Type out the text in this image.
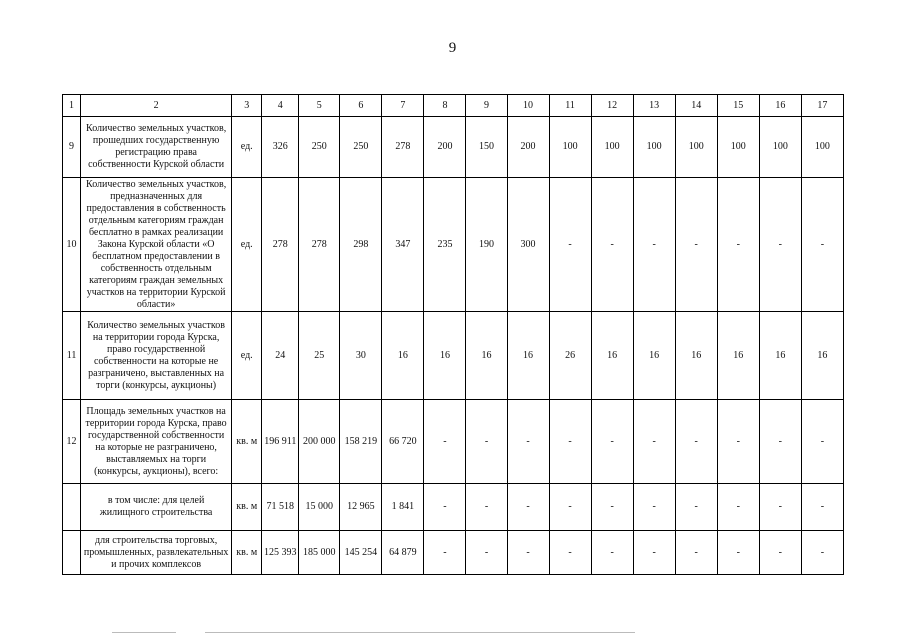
9
1	2	3	4	5	6	7	8	9	10	11	12	13	14	15	16	17
9	Количество земельных участков, прошедших государственную регистрацию права собственности Курской области	ед.	326	250	250	278	200	150	200	100	100	100	100	100	100	100
10	Количество земельных участков, предназначенных для предоставления в собственность отдельным категориям граждан бесплатно в рамках реализации Закона Курской области «О бесплатном предоставлении в собственность отдельным категориям граждан земельных участков на территории Курской области»	ед.	278	278	298	347	235	190	300	-	-	-	-	-	-	-
11	Количество земельных участков на территории города Курска, право государственной собственности на которые не разграничено, выставленных на торги (конкурсы, аукционы)	ед.	24	25	30	16	16	16	16	26	16	16	16	16	16	16
12	Площадь земельных участков на территории города Курска, право государственной собственности на которые не разграничено, выставляемых на торги (конкурсы, аукционы), всего:	кв. м	196 911	200 000	158 219	66 720	-	-	-	-	-	-	-	-	-	-
	в том числе: для целей жилищного строительства	кв. м	71 518	15 000	12 965	1 841	-	-	-	-	-	-	-	-	-	-
	для строительства торговых, промышленных, развлекательных и прочих комплексов	кв. м	125 393	185 000	145 254	64 879	-	-	-	-	-	-	-	-	-	-
